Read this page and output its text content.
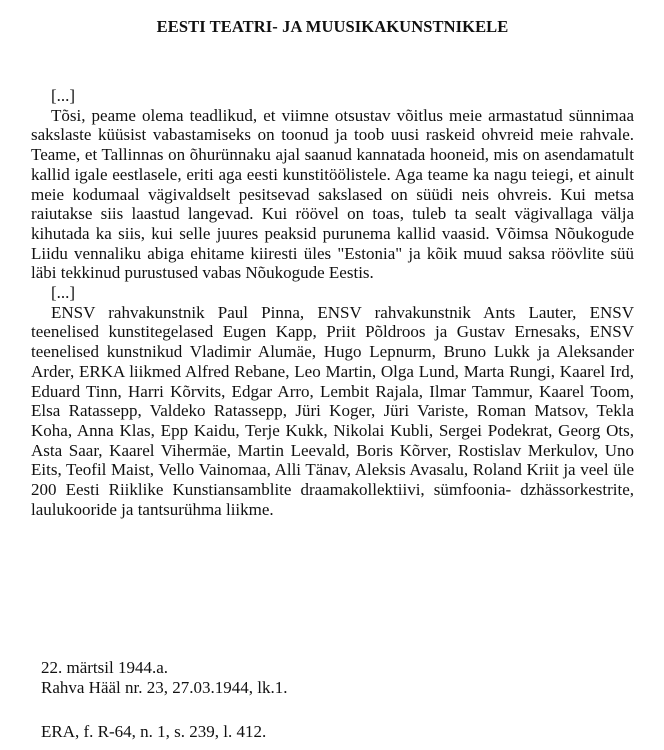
EESTI TEATRI- JA MUUSIKAKUNSTNIKELE
[...]

Tõsi, peame olema teadlikud, et viimne otsustav võitlus meie armastatud sünnimaa sakslaste küüsist vabastamiseks on toonud ja toob uusi raskeid ohvreid meie rahvale. Teame, et Tallinnas on õhurünnaku ajal saanud kannatada hooneid, mis on asendamatult kallid igale eestlasele, eriti aga eesti kunstitöölistele. Aga teame ka nagu teiegi, et ainult meie kodumaal vägivaldselt pesitsevad sakslased on süüdi neis ohvreis. Kui metsa raiutakse siis laastud langevad. Kui röövel on toas, tuleb ta sealt vägivallaga välja kihutada ka siis, kui selle juures peaksid purunema kallid vaasid. Võimsa Nõukogude Liidu vennaliku abiga ehitame kiiresti üles "Estonia" ja kõik muud saksa röövlite süü läbi tekkinud purustused vabas Nõukogude Eestis.

[...]

ENSV rahvakunstnik Paul Pinna, ENSV rahvakunstnik Ants Lauter, ENSV teenelised kunstitegelased Eugen Kapp, Priit Põldroos ja Gustav Ernesaks, ENSV teenelised kunstnikud Vladimir Alumäe, Hugo Lepnurm, Bruno Lukk ja Aleksander Arder, ERKA liikmed Alfred Rebane, Leo Martin, Olga Lund, Marta Rungi, Kaarel Ird, Eduard Tinn, Harri Kõrvits, Edgar Arro, Lembit Rajala, Ilmar Tammur, Kaarel Toom, Elsa Ratassepp, Valdeko Ratassepp, Jüri Koger, Jüri Variste, Roman Matsov, Tekla Koha, Anna Klas, Epp Kaidu, Terje Kukk, Nikolai Kubli, Sergei Podekrat, Georg Ots, Asta Saar, Kaarel Vihermäe, Martin Leevald, Boris Kõrver, Rostislav Merkulov, Uno Eits, Teofil Maist, Vello Vainomaa, Alli Tänav, Aleksis Avasalu, Roland Kriit ja veel üle 200 Eesti Riiklike Kunstiansamblite draamakollektiivi, sümfoonia- dzhässorkestrite, laulukooride ja tantsurühma liikme.

22. märtsil 1944.a.
Rahva Hääl nr. 23, 27.03.1944, lk.1.
ERA, f. R-64, n. 1, s. 239, l. 412.
